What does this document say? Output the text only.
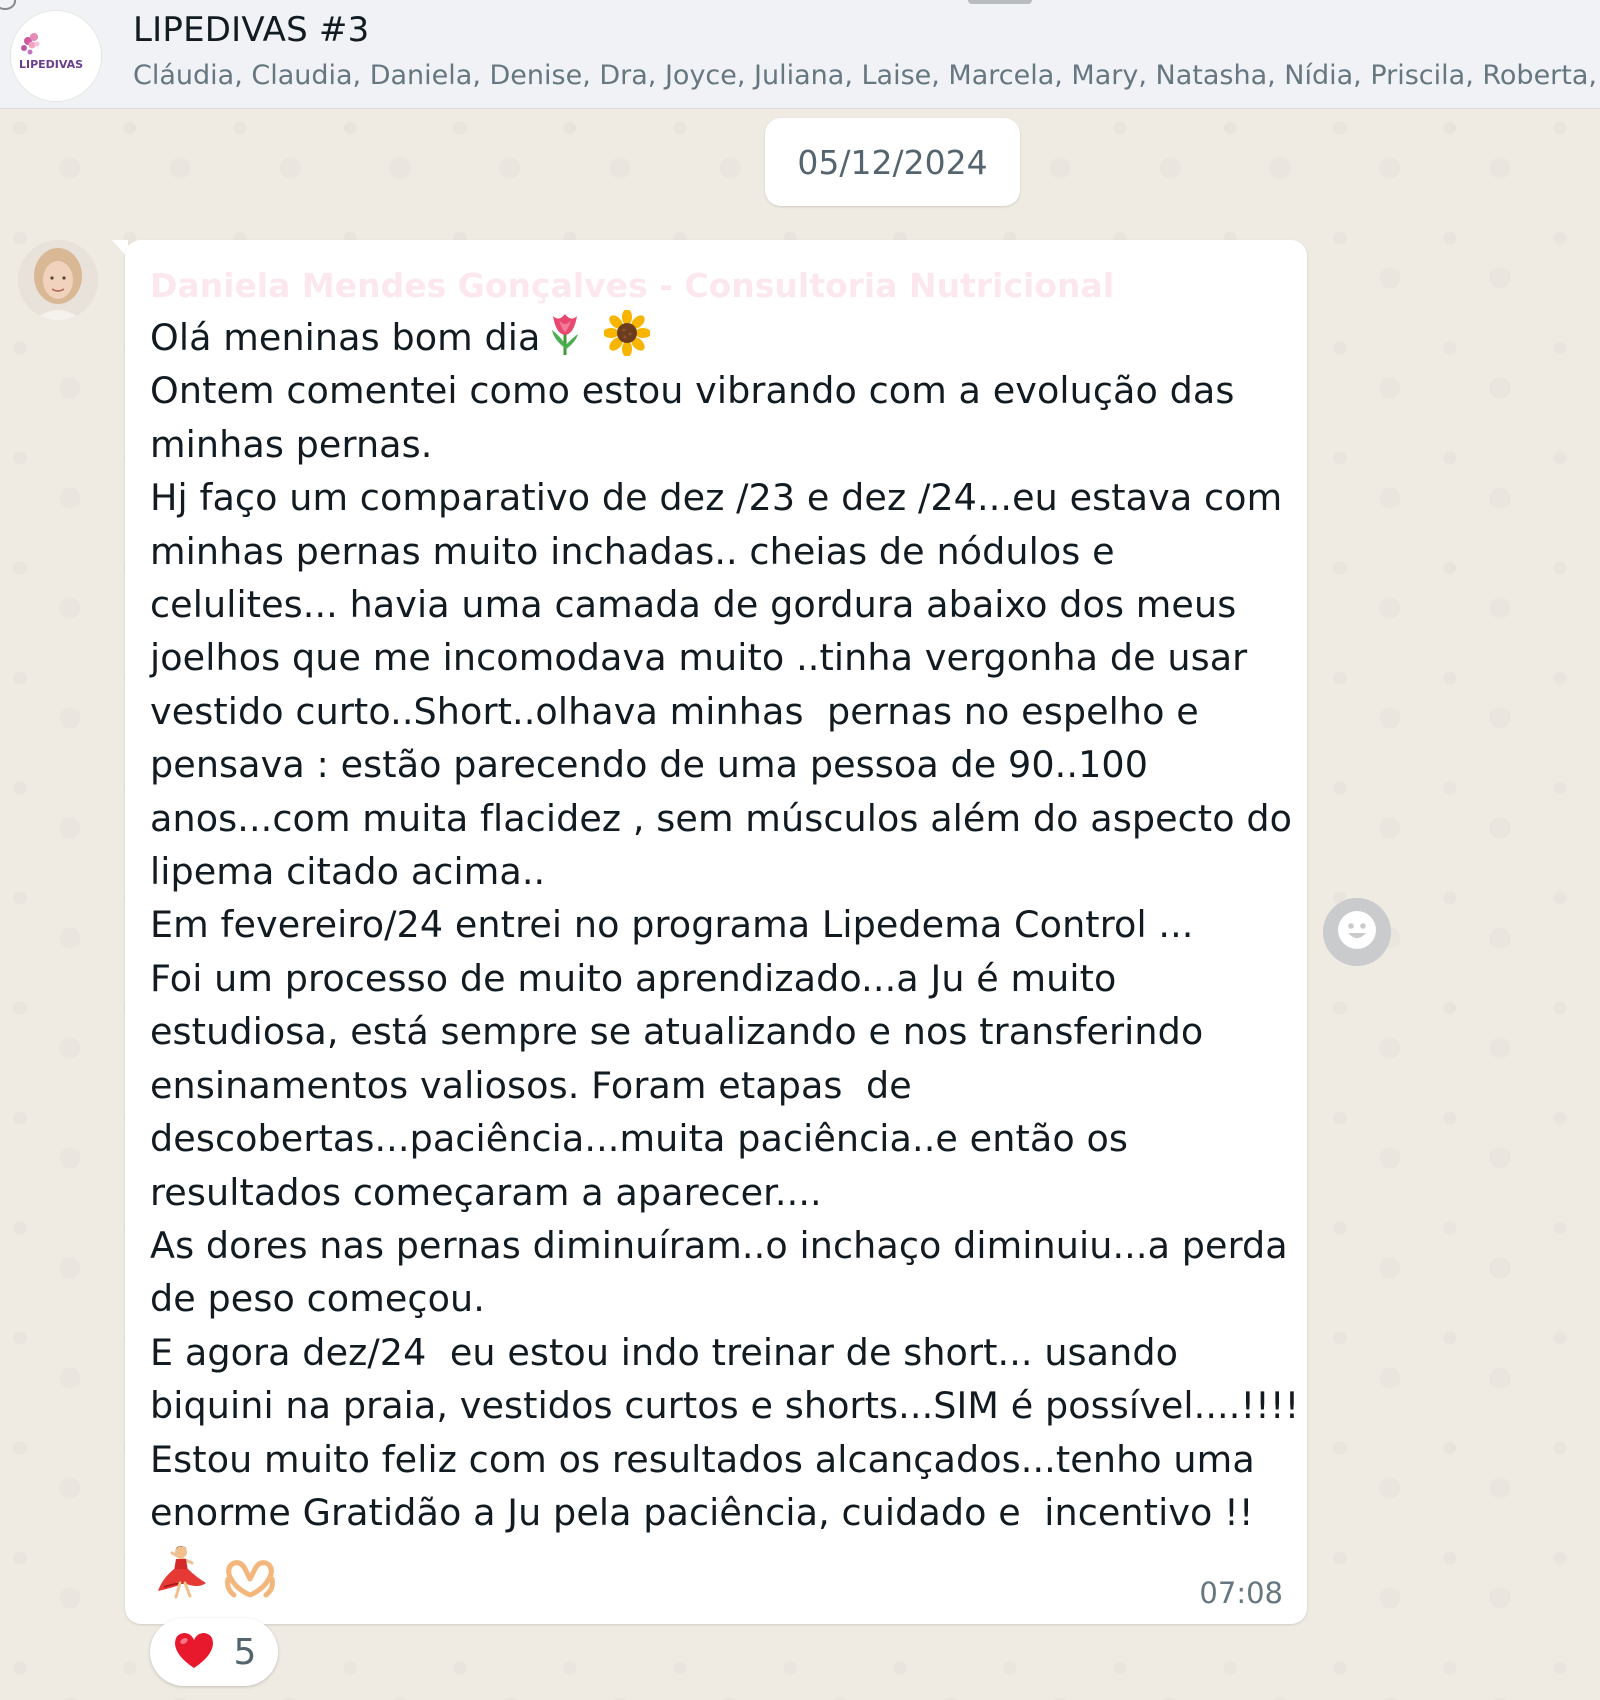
LIPEDIVAS
LIPEDIVAS #3
Cláudia, Claudia, Daniela, Denise, Dra, Joyce, Juliana, Laise, Marcela, Mary, Natasha, Nídia, Priscila, Roberta,
05/12/2024
Daniela Mendes Gonçalves - Consultoria Nutricional
Olá meninas bom dia
Ontem comentei como estou vibrando com a evolução das
minhas pernas.
Hj faço um comparativo de dez /23 e dez /24...eu estava com
minhas pernas muito inchadas.. cheias de nódulos e
celulites... havia uma camada de gordura abaixo dos meus
joelhos que me incomodava muito ..tinha vergonha de usar
vestido curto..Short..olhava minhas  pernas no espelho e
pensava : estão parecendo de uma pessoa de 90..100
anos...com muita flacidez , sem músculos além do aspecto do
lipema citado acima..
Em fevereiro/24 entrei no programa Lipedema Control ...
Foi um processo de muito aprendizado...a Ju é muito
estudiosa, está sempre se atualizando e nos transferindo
ensinamentos valiosos. Foram etapas  de
descobertas...paciência...muita paciência..e então os
resultados começaram a aparecer....
As dores nas pernas diminuíram..o inchaço diminuiu...a perda
de peso começou.
E agora dez/24  eu estou indo treinar de short... usando
biquini na praia, vestidos curtos e shorts...SIM é possível....!!!!
Estou muito feliz com os resultados alcançados...tenho uma
enorme Gratidão a Ju pela paciência, cuidado e  incentivo !!
07:08
5
